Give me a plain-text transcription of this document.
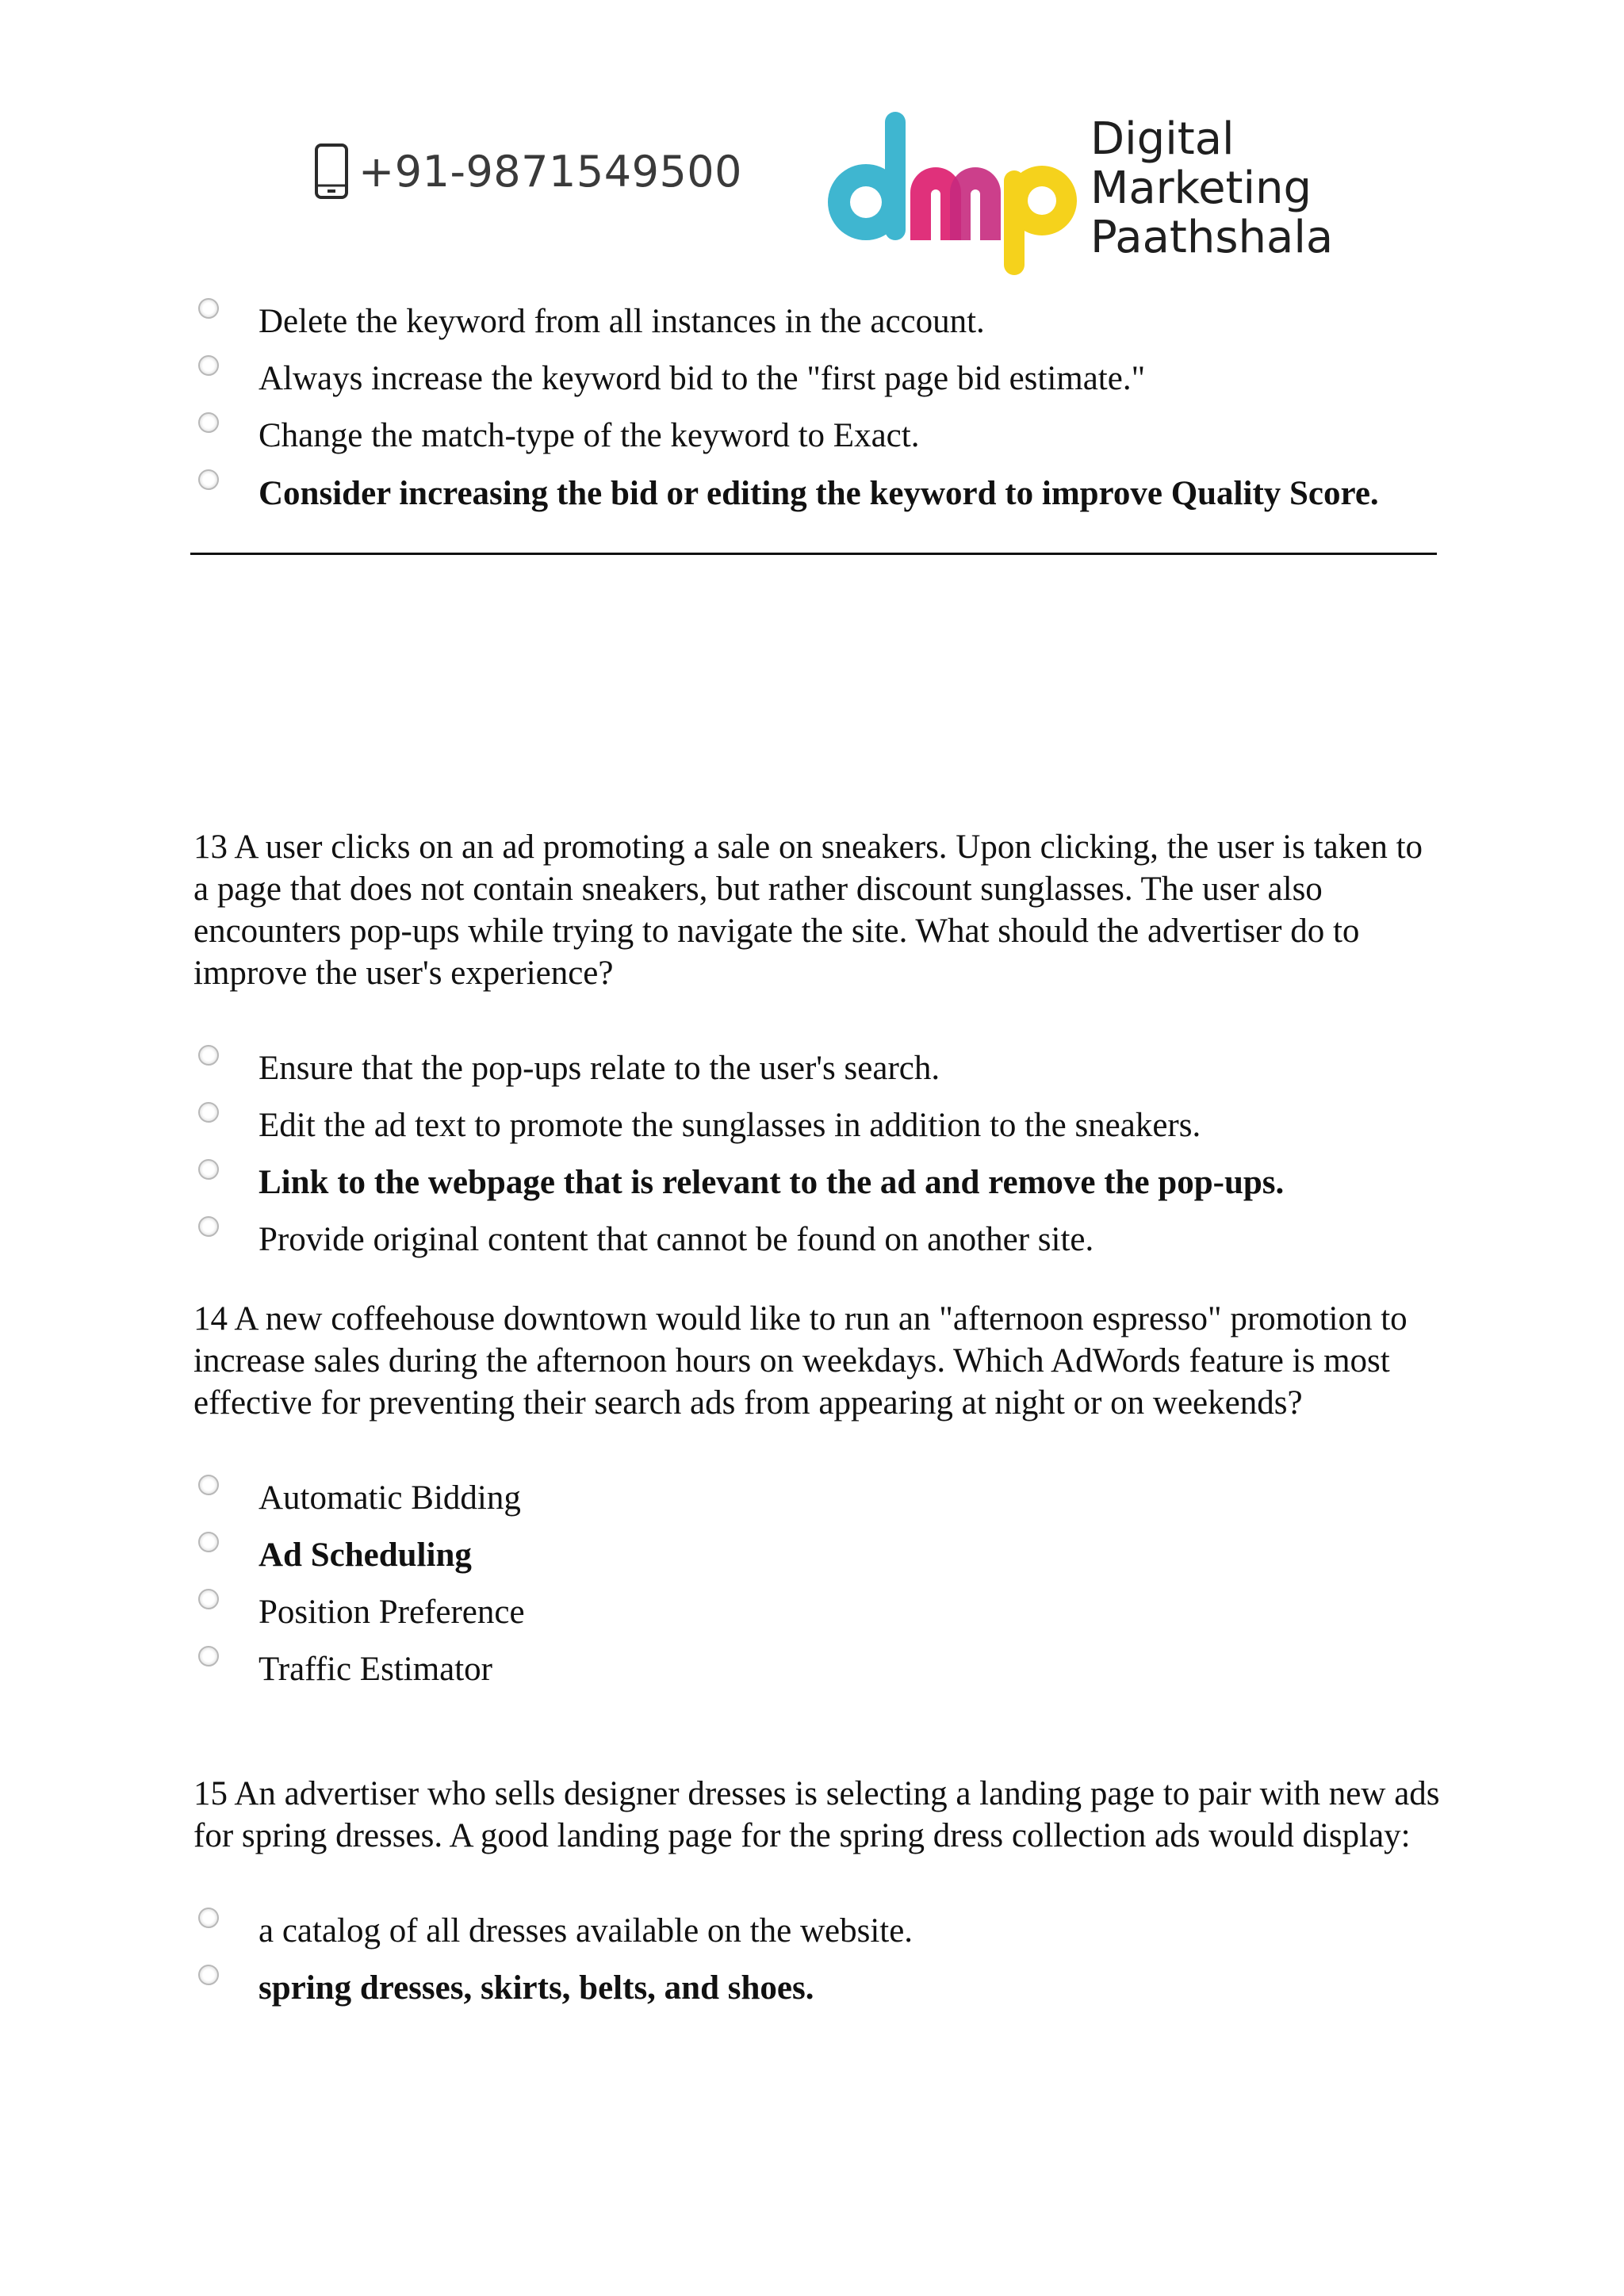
+91-9871549500
Digital
Marketing
Paathshala
Delete the keyword from all instances in the account.
Always increase the keyword bid to the "first page bid estimate."
Change the match-type of the keyword to Exact.
Consider increasing the bid or editing the keyword to improve Quality Score.

13 A user clicks on an ad promoting a sale on sneakers. Upon clicking, the user is taken to a page that does not contain sneakers, but rather discount sunglasses. The user also encounters pop-ups while trying to navigate the site. What should the advertiser do to improve the user's experience?

Ensure that the pop-ups relate to the user's search.
Edit the ad text to promote the sunglasses in addition to the sneakers.
Link to the webpage that is relevant to the ad and remove the pop-ups.
Provide original content that cannot be found on another site.

14 A new coffeehouse downtown would like to run an "afternoon espresso" promotion to increase sales during the afternoon hours on weekdays. Which AdWords feature is most effective for preventing their search ads from appearing at night or on weekends?

Automatic Bidding
Ad Scheduling
Position Preference
Traffic Estimator

15 An advertiser who sells designer dresses is selecting a landing page to pair with new ads for spring dresses. A good landing page for the spring dress collection ads would display:

a catalog of all dresses available on the website.
spring dresses, skirts, belts, and shoes.
